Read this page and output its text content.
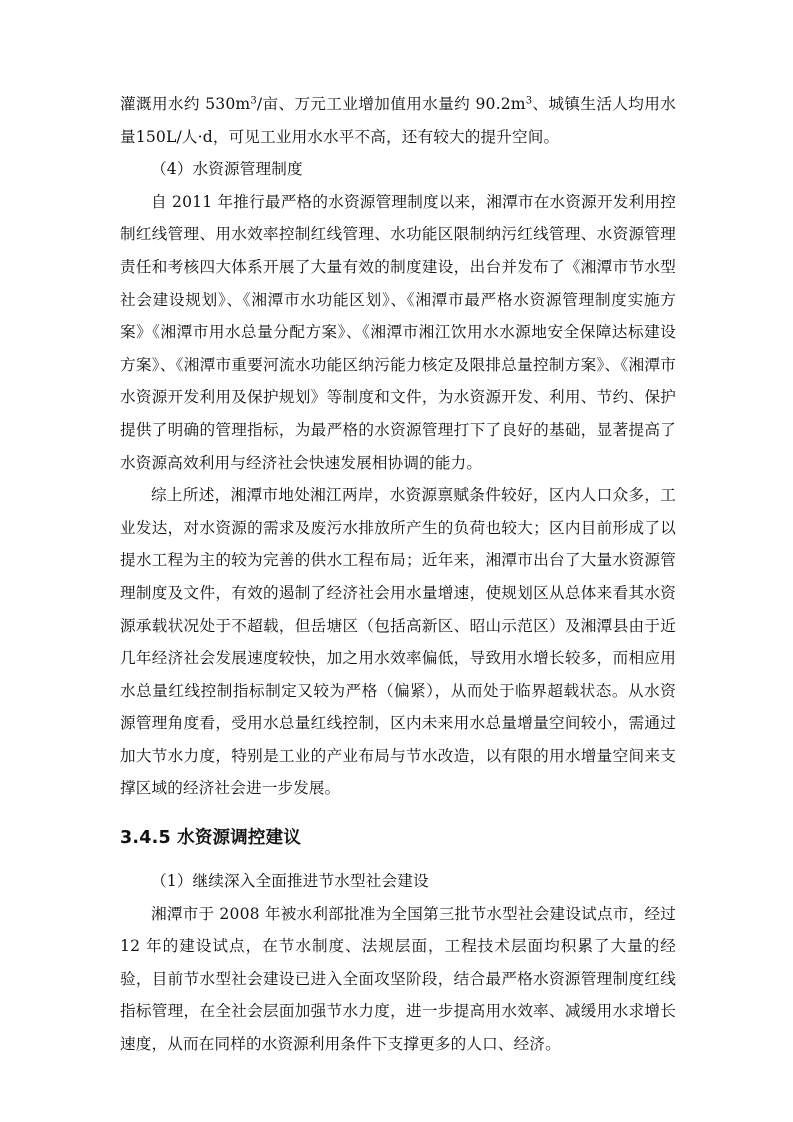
灌溉用水约 $530m^3/$亩、万元工业增加值用水量约 $90.2m^3$、城镇生活人均用水量150L/人·d，可见工业用水水平不高，还有较大的提升空间。

（4）水资源管理制度

自 2011 年推行最严格的水资源管理制度以来，湘潭市在水资源开发利用控制红线管理、用水效率控制红线管理、水功能区限制纳污红线管理、水资源管理责任和考核四大体系开展了大量有效的制度建设，出台并发布了《湘潭市节水型社会建设规划》、《湘潭市水功能区划》、《湘潭市最严格水资源管理制度实施方案》《湘潭市用水总量分配方案》、《湘潭市湘江饮用水水源地安全保障达标建设方案》、《湘潭市重要河流水功能区纳污能力核定及限排总量控制方案》、《湘潭市水资源开发利用及保护规划》等制度和文件，为水资源开发、利用、节约、保护提供了明确的管理指标，为最严格的水资源管理打下了良好的基础，显著提高了水资源高效利用与经济社会快速发展相协调的能力。

综上所述，湘潭市地处湘江两岸，水资源禀赋条件较好，区内人口众多，工业发达，对水资源的需求及废污水排放所产生的负荷也较大；区内目前形成了以提水工程为主的较为完善的供水工程布局；近年来，湘潭市出台了大量水资源管理制度及文件，有效的遏制了经济社会用水量增速，使规划区从总体来看其水资源承载状况处于不超载，但岳塘区（包括高新区、昭山示范区）及湘潭县由于近几年经济社会发展速度较快，加之用水效率偏低，导致用水增长较多，而相应用水总量红线控制指标制定又较为严格（偏紧），从而处于临界超载状态。从水资源管理角度看，受用水总量红线控制，区内未来用水总量增量空间较小，需通过加大节水力度，特别是工业的产业布局与节水改造，以有限的用水增量空间来支撑区域的经济社会进一步发展。

3.4.5 水资源调控建议

（1）继续深入全面推进节水型社会建设

湘潭市于 2008 年被水利部批准为全国第三批节水型社会建设试点市，经过12 年的建设试点，在节水制度、法规层面，工程技术层面均积累了大量的经验，目前节水型社会建设已进入全面攻坚阶段，结合最严格水资源管理制度红线指标管理，在全社会层面加强节水力度，进一步提高用水效率、减缓用水求增长速度，从而在同样的水资源利用条件下支撑更多的人口、经济。
